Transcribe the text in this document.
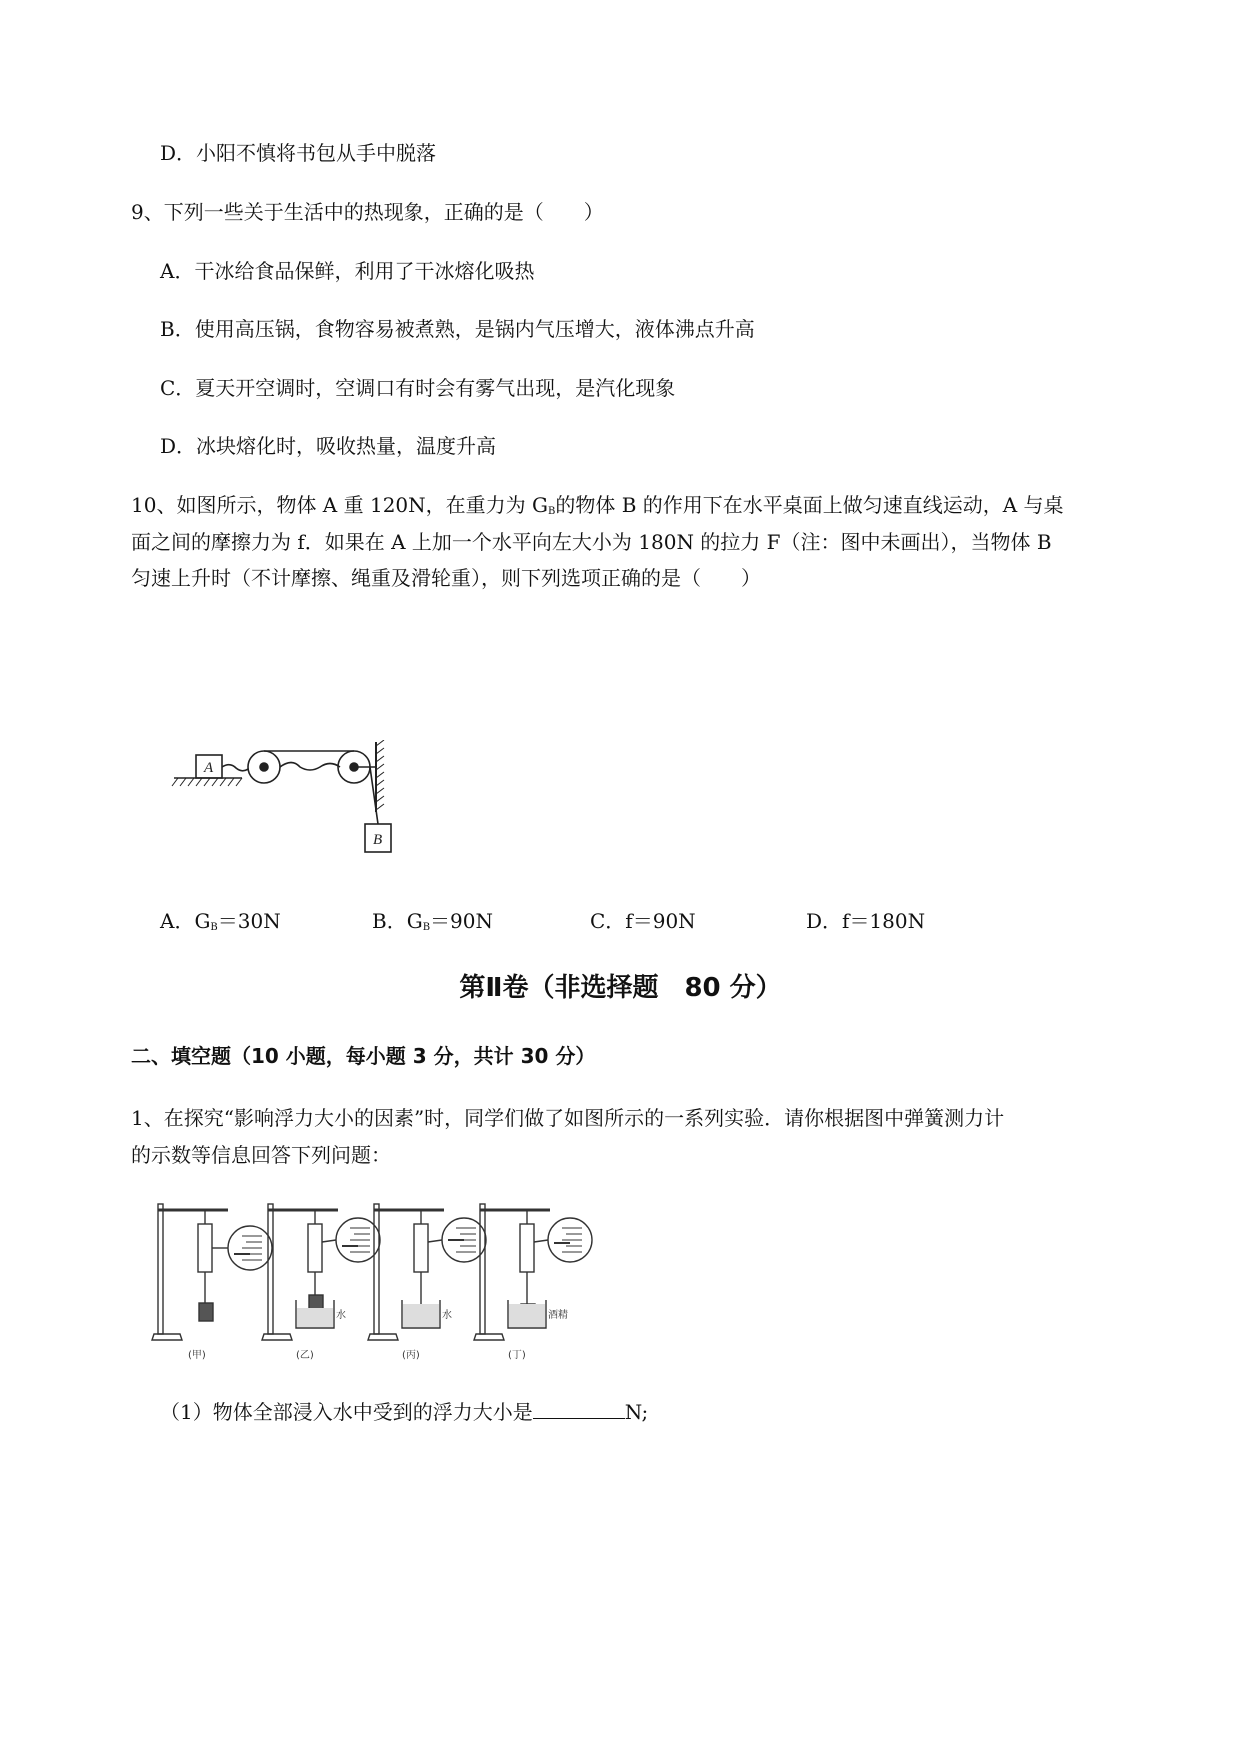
D．小阳不慎将书包从手中脱落
9、下列一些关于生活中的热现象，正确的是（　　）
A．干冰给食品保鲜，利用了干冰熔化吸热
B．使用高压锅，食物容易被煮熟，是锅内气压增大，液体沸点升高
C．夏天开空调时，空调口有时会有雾气出现，是汽化现象
D．冰块熔化时，吸收热量，温度升高
10、如图所示，物体 A 重 120N，在重力为 $G_B$的物体 B 的作用下在水平桌面上做匀速直线运动，A 与桌
面之间的摩擦力为 f．如果在 A 上加一个水平向左大小为 180N 的拉力 F（注：图中未画出），当物体 B
匀速上升时（不计摩擦、绳重及滑轮重），则下列选项正确的是（　　）
A
B
A．$G_B=30N$	B．$G_B=90N$	C．f＝90N	D．f＝180N
第Ⅱ卷（非选择题　80 分）
二、填空题（10 小题，每小题 3 分，共计 30 分）
1、在探究“影响浮力大小的因素”时，同学们做了如图所示的一系列实验．请你根据图中弹簧测力计
的示数等信息回答下列问题：
水	水	酒精
(甲)	(乙)	(丙)	(丁)
（1）物体全部浸入水中受到的浮力大小是	N;
